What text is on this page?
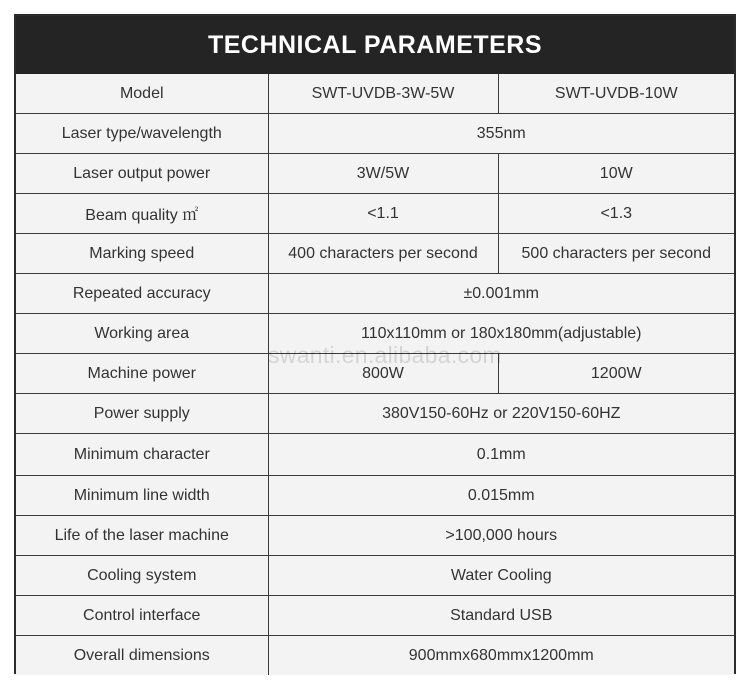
TECHNICAL PARAMETERS
Model	SWT-UVDB-3W-5W	SWT-UVDB-10W
Laser type/wavelength	355nm	
Laser output power	3W/5W	10W
Beam quality ㎡	<1.1	<1.3
Marking speed	400 characters per second	500 characters per second
Repeated accuracy	±0.001mm	
Working area	110x110mm or 180x180mm(adjustable)	
Machine power	800W	1200W
Power supply	380V150-60Hz or 220V150-60HZ	
Minimum character	0.1mm	
Minimum line width	0.015mm	
Life of the laser machine	>100,000 hours	
Cooling system	Water Cooling	
Control interface	Standard USB	
Overall dimensions	900mmx680mmx1200mm	
